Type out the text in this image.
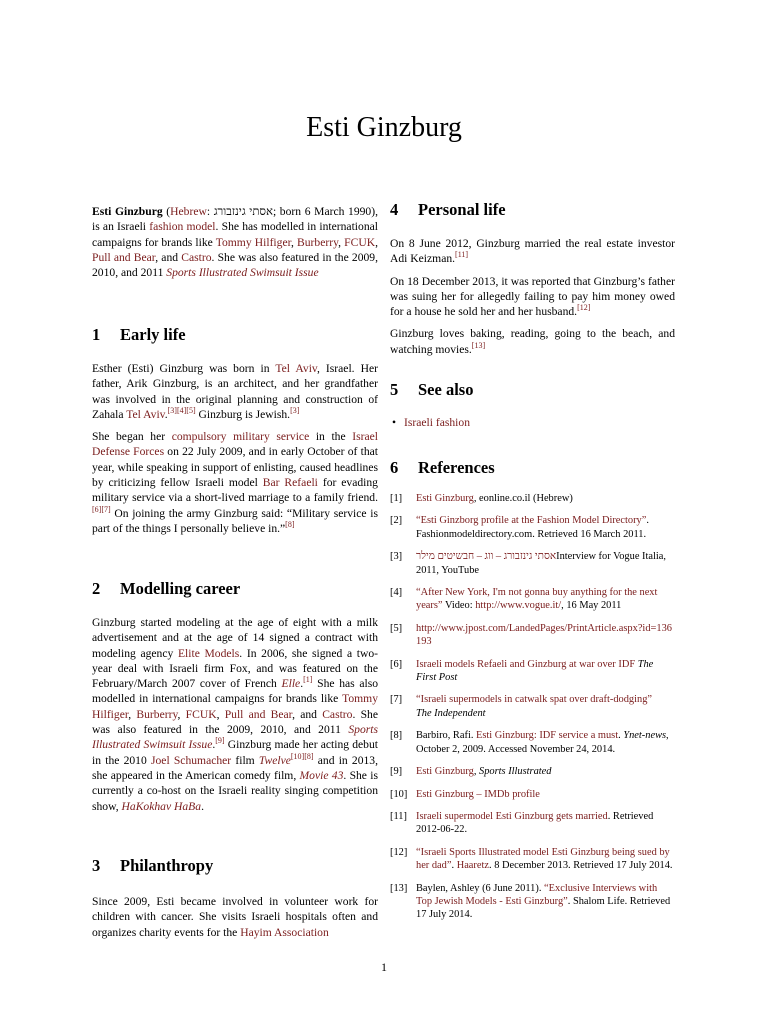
Esti Ginzburg

Esti Ginzburg (Hebrew: אסתי גינזבורג; born 6 March 1990), is an Israeli fashion model. She has modelled in international campaigns for brands like Tommy Hilfiger, Burberry, FCUK, Pull and Bear, and Castro. She was also featured in the 2009, 2010, and 2011 Sports Illustrated Swimsuit Issue

1 Early life

Esther (Esti) Ginzburg was born in Tel Aviv, Israel. Her father, Arik Ginzburg, is an architect, and her grandfather was involved in the original planning and construction of Zahala Tel Aviv.[3][4][5] Ginzburg is Jewish.[3]

She began her compulsory military service in the Israel Defense Forces on 22 July 2009, and in early October of that year, while speaking in support of enlisting, caused headlines by criticizing fellow Israeli model Bar Refaeli for evading military service via a short-lived marriage to a family friend.[6][7] On joining the army Ginzburg said: “Military service is part of the things I personally believe in.”[8]

2 Modelling career

Ginzburg started modeling at the age of eight with a milk advertisement and at the age of 14 signed a contract with modeling agency Elite Models. In 2006, she signed a two-year deal with Israeli firm Fox, and was featured on the February/March 2007 cover of French Elle.[1] She has also modelled in international campaigns for brands like Tommy Hilfiger, Burberry, FCUK, Pull and Bear, and Castro. She was also featured in the 2009, 2010, and 2011 Sports Illustrated Swimsuit Issue.[9] Ginzburg made her acting debut in the 2010 Joel Schumacher film Twelve[10][8] and in 2013, she appeared in the American comedy film, Movie 43. She is currently a co-host on the Israeli reality singing competition show, HaKokhav HaBa.

3 Philanthropy

Since 2009, Esti became involved in volunteer work for children with cancer. She visits Israeli hospitals often and organizes charity events for the Hayim Association

4 Personal life

On 8 June 2012, Ginzburg married the real estate investor Adi Keizman.[11]

On 18 December 2013, it was reported that Ginzburg’s father was suing her for allegedly failing to pay him money owed for a house he sold her and her husband.[12]

Ginzburg loves baking, reading, going to the beach, and watching movies.[13]

5 See also
• Israeli fashion
6 References
[1] Esti Ginzburg, eonline.co.il (Hebrew)
[2] “Esti Ginzborg profile at the Fashion Model Directory”. Fashionmodeldirectory.com. Retrieved 16 March 2011.
[3] אסתי גינזבורג – ווג – חבשיטים מילרInterview for Vogue Italia, 2011, YouTube
[4] “After New York, I'm not gonna buy anything for the next years” Video: http://www.vogue.it/, 16 May 2011
[5] http://www.jpost.com/LandedPages/PrintArticle.aspx?id=136193
[6] Israeli models Refaeli and Ginzburg at war over IDF The First Post
[7] “Israeli supermodels in catwalk spat over draft-dodging”
The Independent
[8] Barbiro, Rafi. Esti Ginzburg: IDF service a must. Ynet-news, October 2, 2009. Accessed November 24, 2014.
[9] Esti Ginzburg, Sports Illustrated
[10] Esti Ginzburg – IMDb profile
[11] Israeli supermodel Esti Ginzburg gets married. Retrieved 2012-06-22.
[12] “Israeli Sports Illustrated model Esti Ginzburg being sued by her dad”. Haaretz. 8 December 2013. Retrieved 17 July 2014.
[13] Baylen, Ashley (6 June 2011). “Exclusive Interviews with Top Jewish Models - Esti Ginzburg”. Shalom Life. Retrieved 17 July 2014.
1
